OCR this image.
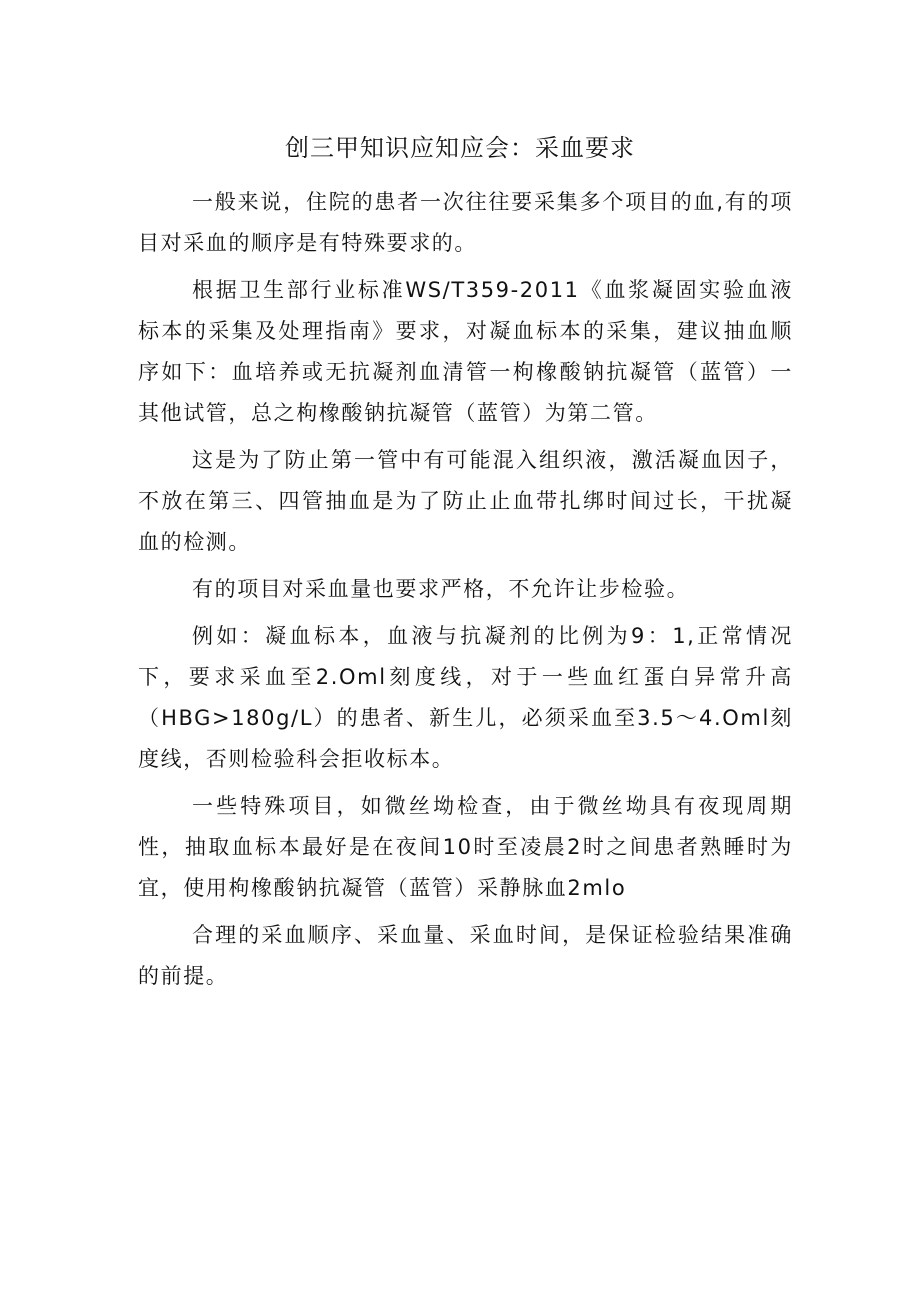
创三甲知识应知应会：采血要求

一般来说，住院的患者一次往往要采集多个项目的血,有的项目对采血的顺序是有特殊要求的。

根据卫生部行业标准WS/T359-2011《血浆凝固实验血液标本的采集及处理指南》要求，对凝血标本的采集，建议抽血顺序如下：血培养或无抗凝剂血清管一枸橡酸钠抗凝管（蓝管）一其他试管，总之枸橡酸钠抗凝管（蓝管）为第二管。

这是为了防止第一管中有可能混入组织液，激活凝血因子，不放在第三、四管抽血是为了防止止血带扎绑时间过长，干扰凝血的检测。

有的项目对采血量也要求严格，不允许让步检验。

例如：凝血标本，血液与抗凝剂的比例为9：1,正常情况下，要求采血至2.Oml刻度线，对于一些血红蛋白异常升高（HBG>180g∕L）的患者、新生儿，必须采血至3.5〜4.Oml刻度线，否则检验科会拒收标本。

一些特殊项目，如微丝坳检查，由于微丝坳具有夜现周期性，抽取血标本最好是在夜间10时至凌晨2时之间患者熟睡时为宜，使用枸橡酸钠抗凝管（蓝管）采静脉血2mlo

合理的采血顺序、采血量、采血时间，是保证检验结果准确的前提。
